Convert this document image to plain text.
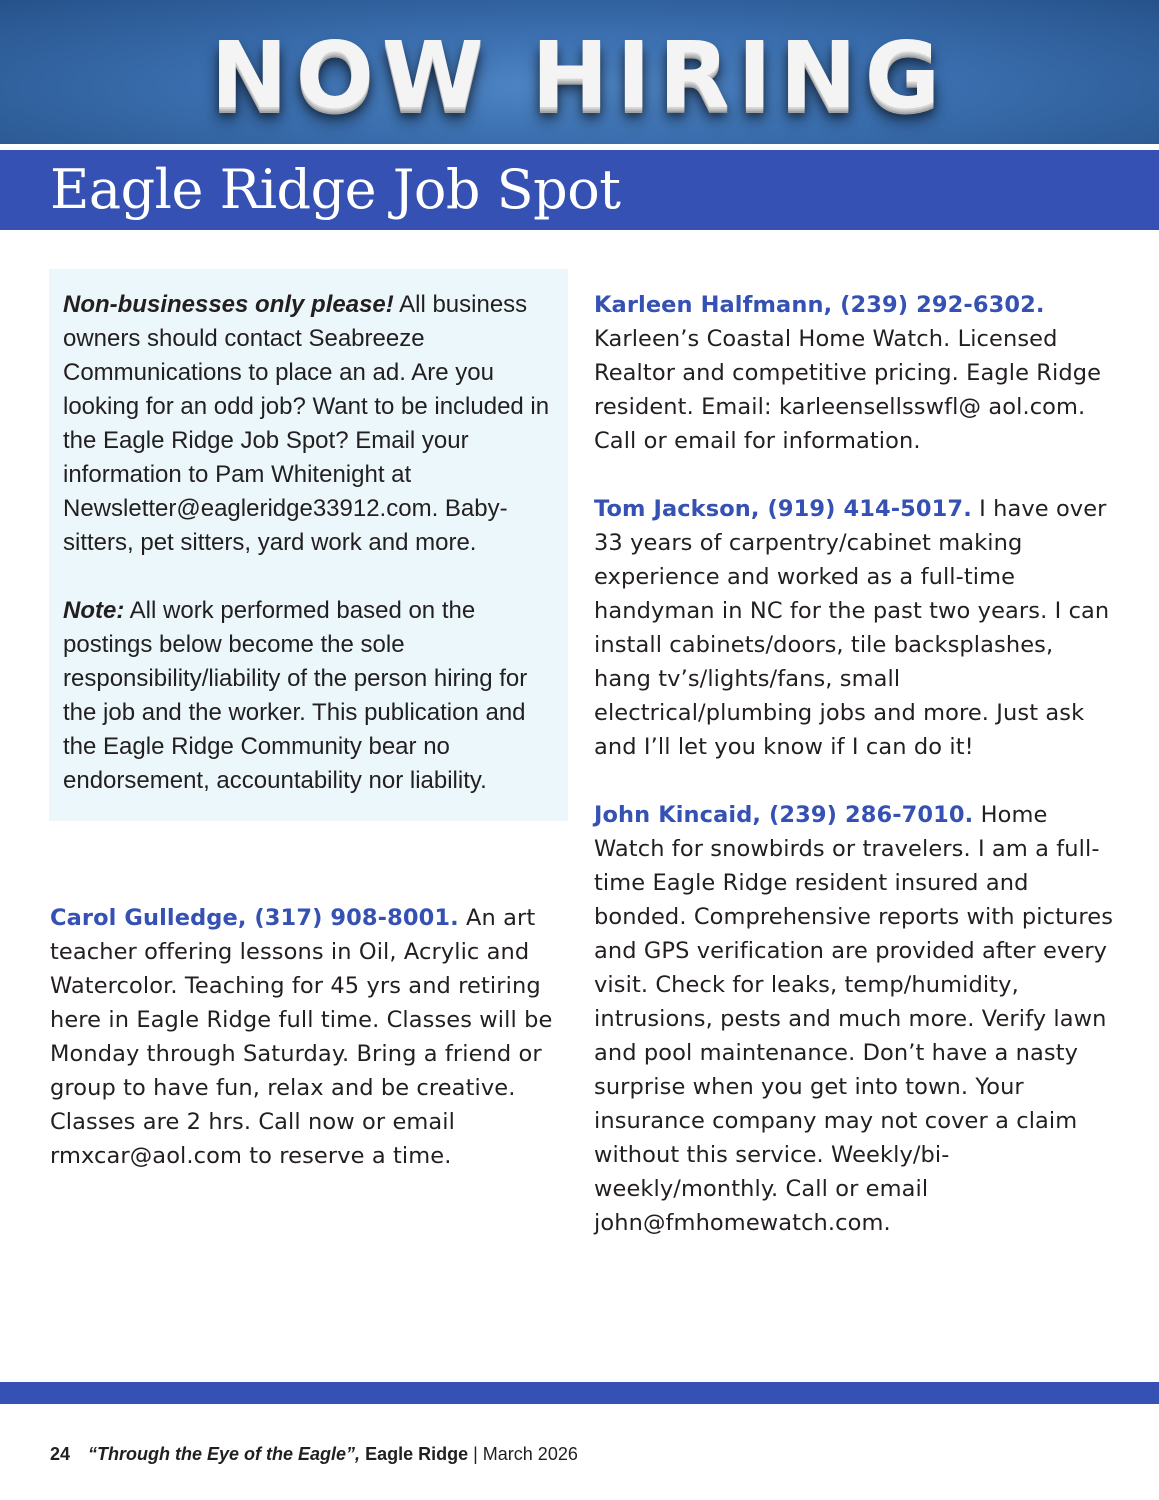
NOW HIRING
Eagle Ridge Job Spot

Non-businesses only please! All business owners should contact Seabreeze Communications to place an ad. Are you looking for an odd job? Want to be included in the Eagle Ridge Job Spot? Email your information to Pam Whitenight at Newsletter@eagleridge33912.com. Baby-sitters, pet sitters, yard work and more.

Note: All work performed based on the postings below become the sole responsibility/liability of the person hiring for the job and the worker. This publication and the Eagle Ridge Community bear no endorsement, accountability nor liability.

Carol Gulledge, (317) 908-8001. An art teacher offering lessons in Oil, Acrylic and Watercolor. Teaching for 45 yrs and retiring here in Eagle Ridge full time. Classes will be Monday through Saturday. Bring a friend or group to have fun, relax and be creative. Classes are 2 hrs. Call now or email rmxcar@aol.com to reserve a time.

Karleen Halfmann, (239) 292-6302. Karleen’s Coastal Home Watch. Licensed Realtor and competitive pricing. Eagle Ridge resident. Email: karleensellsswfl@ aol.com. Call or email for information.

Tom Jackson, (919) 414-5017. I have over 33 years of carpentry/cabinet making experience and worked as a full-time handyman in NC for the past two years. I can install cabinets/doors, tile backsplashes, hang tv’s/lights/fans, small electrical/plumbing jobs and more. Just ask and I’ll let you know if I can do it!

John Kincaid, (239) 286-7010. Home Watch for snowbirds or travelers. I am a full-time Eagle Ridge resident insured and bonded. Comprehensive reports with pictures and GPS verification are provided after every visit. Check for leaks, temp/humidity, intrusions, pests and much more. Verify lawn and pool maintenance. Don’t have a nasty surprise when you get into town. Your insurance company may not cover a claim without this service. Weekly/bi-weekly/monthly. Call or email john@fmhomewatch.com.

24 “Through the Eye of the Eagle”, Eagle Ridge | March 2026
